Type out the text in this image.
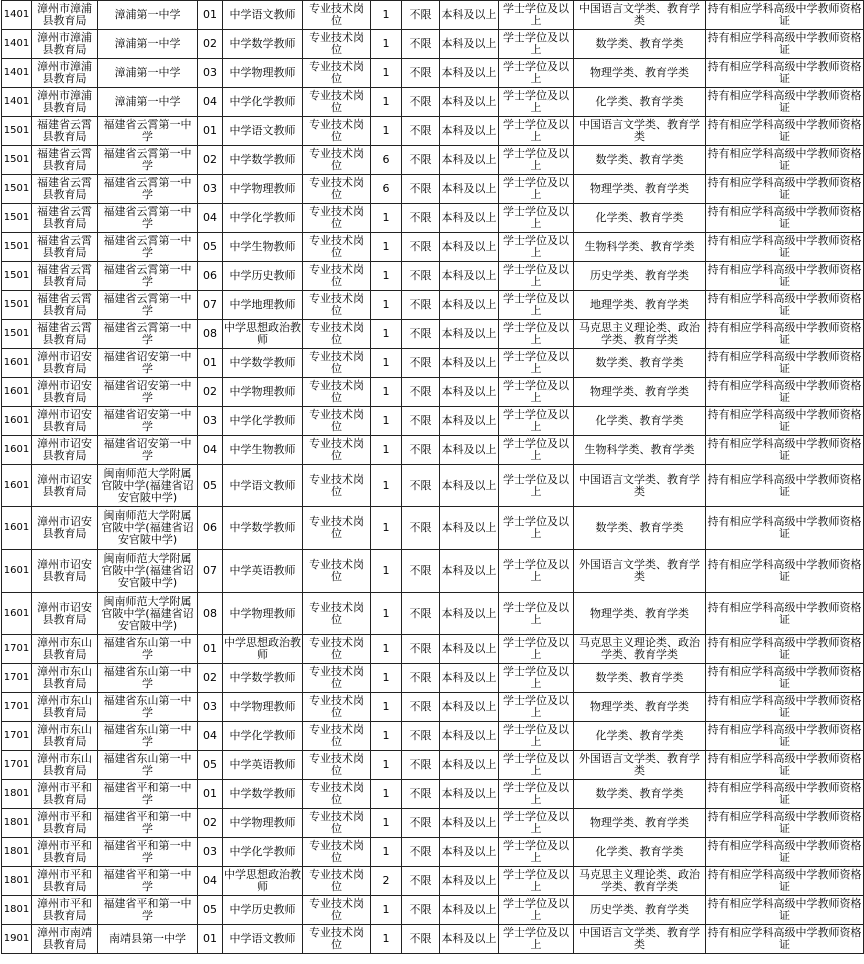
1401	漳州市漳浦县教育局	漳浦第一中学	01	中学语文教师	专业技术岗位	1	不限	本科及以上	学士学位及以上	中国语言文学类、教育学类	持有相应学科高级中学教师资格证
1401	漳州市漳浦县教育局	漳浦第一中学	02	中学数学教师	专业技术岗位	1	不限	本科及以上	学士学位及以上	数学类、教育学类	持有相应学科高级中学教师资格证
1401	漳州市漳浦县教育局	漳浦第一中学	03	中学物理教师	专业技术岗位	1	不限	本科及以上	学士学位及以上	物理学类、教育学类	持有相应学科高级中学教师资格证
1401	漳州市漳浦县教育局	漳浦第一中学	04	中学化学教师	专业技术岗位	1	不限	本科及以上	学士学位及以上	化学类、教育学类	持有相应学科高级中学教师资格证
1501	福建省云霄县教育局	福建省云霄第一中学	01	中学语文教师	专业技术岗位	1	不限	本科及以上	学士学位及以上	中国语言文学类、教育学类	持有相应学科高级中学教师资格证
1501	福建省云霄县教育局	福建省云霄第一中学	02	中学数学教师	专业技术岗位	6	不限	本科及以上	学士学位及以上	数学类、教育学类	持有相应学科高级中学教师资格证
1501	福建省云霄县教育局	福建省云霄第一中学	03	中学物理教师	专业技术岗位	6	不限	本科及以上	学士学位及以上	物理学类、教育学类	持有相应学科高级中学教师资格证
1501	福建省云霄县教育局	福建省云霄第一中学	04	中学化学教师	专业技术岗位	1	不限	本科及以上	学士学位及以上	化学类、教育学类	持有相应学科高级中学教师资格证
1501	福建省云霄县教育局	福建省云霄第一中学	05	中学生物教师	专业技术岗位	1	不限	本科及以上	学士学位及以上	生物科学类、教育学类	持有相应学科高级中学教师资格证
1501	福建省云霄县教育局	福建省云霄第一中学	06	中学历史教师	专业技术岗位	1	不限	本科及以上	学士学位及以上	历史学类、教育学类	持有相应学科高级中学教师资格证
1501	福建省云霄县教育局	福建省云霄第一中学	07	中学地理教师	专业技术岗位	1	不限	本科及以上	学士学位及以上	地理学类、教育学类	持有相应学科高级中学教师资格证
1501	福建省云霄县教育局	福建省云霄第一中学	08	中学思想政治教师	专业技术岗位	1	不限	本科及以上	学士学位及以上	马克思主义理论类、政治学类、教育学类	持有相应学科高级中学教师资格证
1601	漳州市诏安县教育局	福建省诏安第一中学	01	中学数学教师	专业技术岗位	1	不限	本科及以上	学士学位及以上	数学类、教育学类	持有相应学科高级中学教师资格证
1601	漳州市诏安县教育局	福建省诏安第一中学	02	中学物理教师	专业技术岗位	1	不限	本科及以上	学士学位及以上	物理学类、教育学类	持有相应学科高级中学教师资格证
1601	漳州市诏安县教育局	福建省诏安第一中学	03	中学化学教师	专业技术岗位	1	不限	本科及以上	学士学位及以上	化学类、教育学类	持有相应学科高级中学教师资格证
1601	漳州市诏安县教育局	福建省诏安第一中学	04	中学生物教师	专业技术岗位	1	不限	本科及以上	学士学位及以上	生物科学类、教育学类	持有相应学科高级中学教师资格证
1601	漳州市诏安县教育局	闽南师范大学附属官陂中学(福建省诏安官陂中学)	05	中学语文教师	专业技术岗位	1	不限	本科及以上	学士学位及以上	中国语言文学类、教育学类	持有相应学科高级中学教师资格证
1601	漳州市诏安县教育局	闽南师范大学附属官陂中学(福建省诏安官陂中学)	06	中学数学教师	专业技术岗位	1	不限	本科及以上	学士学位及以上	数学类、教育学类	持有相应学科高级中学教师资格证
1601	漳州市诏安县教育局	闽南师范大学附属官陂中学(福建省诏安官陂中学)	07	中学英语教师	专业技术岗位	1	不限	本科及以上	学士学位及以上	外国语言文学类、教育学类	持有相应学科高级中学教师资格证
1601	漳州市诏安县教育局	闽南师范大学附属官陂中学(福建省诏安官陂中学)	08	中学物理教师	专业技术岗位	1	不限	本科及以上	学士学位及以上	物理学类、教育学类	持有相应学科高级中学教师资格证
1701	漳州市东山县教育局	福建省东山第一中学	01	中学思想政治教师	专业技术岗位	1	不限	本科及以上	学士学位及以上	马克思主义理论类、政治学类、教育学类	持有相应学科高级中学教师资格证
1701	漳州市东山县教育局	福建省东山第一中学	02	中学数学教师	专业技术岗位	1	不限	本科及以上	学士学位及以上	数学类、教育学类	持有相应学科高级中学教师资格证
1701	漳州市东山县教育局	福建省东山第一中学	03	中学物理教师	专业技术岗位	1	不限	本科及以上	学士学位及以上	物理学类、教育学类	持有相应学科高级中学教师资格证
1701	漳州市东山县教育局	福建省东山第一中学	04	中学化学教师	专业技术岗位	1	不限	本科及以上	学士学位及以上	化学类、教育学类	持有相应学科高级中学教师资格证
1701	漳州市东山县教育局	福建省东山第一中学	05	中学英语教师	专业技术岗位	1	不限	本科及以上	学士学位及以上	外国语言文学类、教育学类	持有相应学科高级中学教师资格证
1801	漳州市平和县教育局	福建省平和第一中学	01	中学数学教师	专业技术岗位	1	不限	本科及以上	学士学位及以上	数学类、教育学类	持有相应学科高级中学教师资格证
1801	漳州市平和县教育局	福建省平和第一中学	02	中学物理教师	专业技术岗位	1	不限	本科及以上	学士学位及以上	物理学类、教育学类	持有相应学科高级中学教师资格证
1801	漳州市平和县教育局	福建省平和第一中学	03	中学化学教师	专业技术岗位	1	不限	本科及以上	学士学位及以上	化学类、教育学类	持有相应学科高级中学教师资格证
1801	漳州市平和县教育局	福建省平和第一中学	04	中学思想政治教师	专业技术岗位	2	不限	本科及以上	学士学位及以上	马克思主义理论类、政治学类、教育学类	持有相应学科高级中学教师资格证
1801	漳州市平和县教育局	福建省平和第一中学	05	中学历史教师	专业技术岗位	1	不限	本科及以上	学士学位及以上	历史学类、教育学类	持有相应学科高级中学教师资格证
1901	漳州市南靖县教育局	南靖县第一中学	01	中学语文教师	专业技术岗位	1	不限	本科及以上	学士学位及以上	中国语言文学类、教育学类	持有相应学科高级中学教师资格证
